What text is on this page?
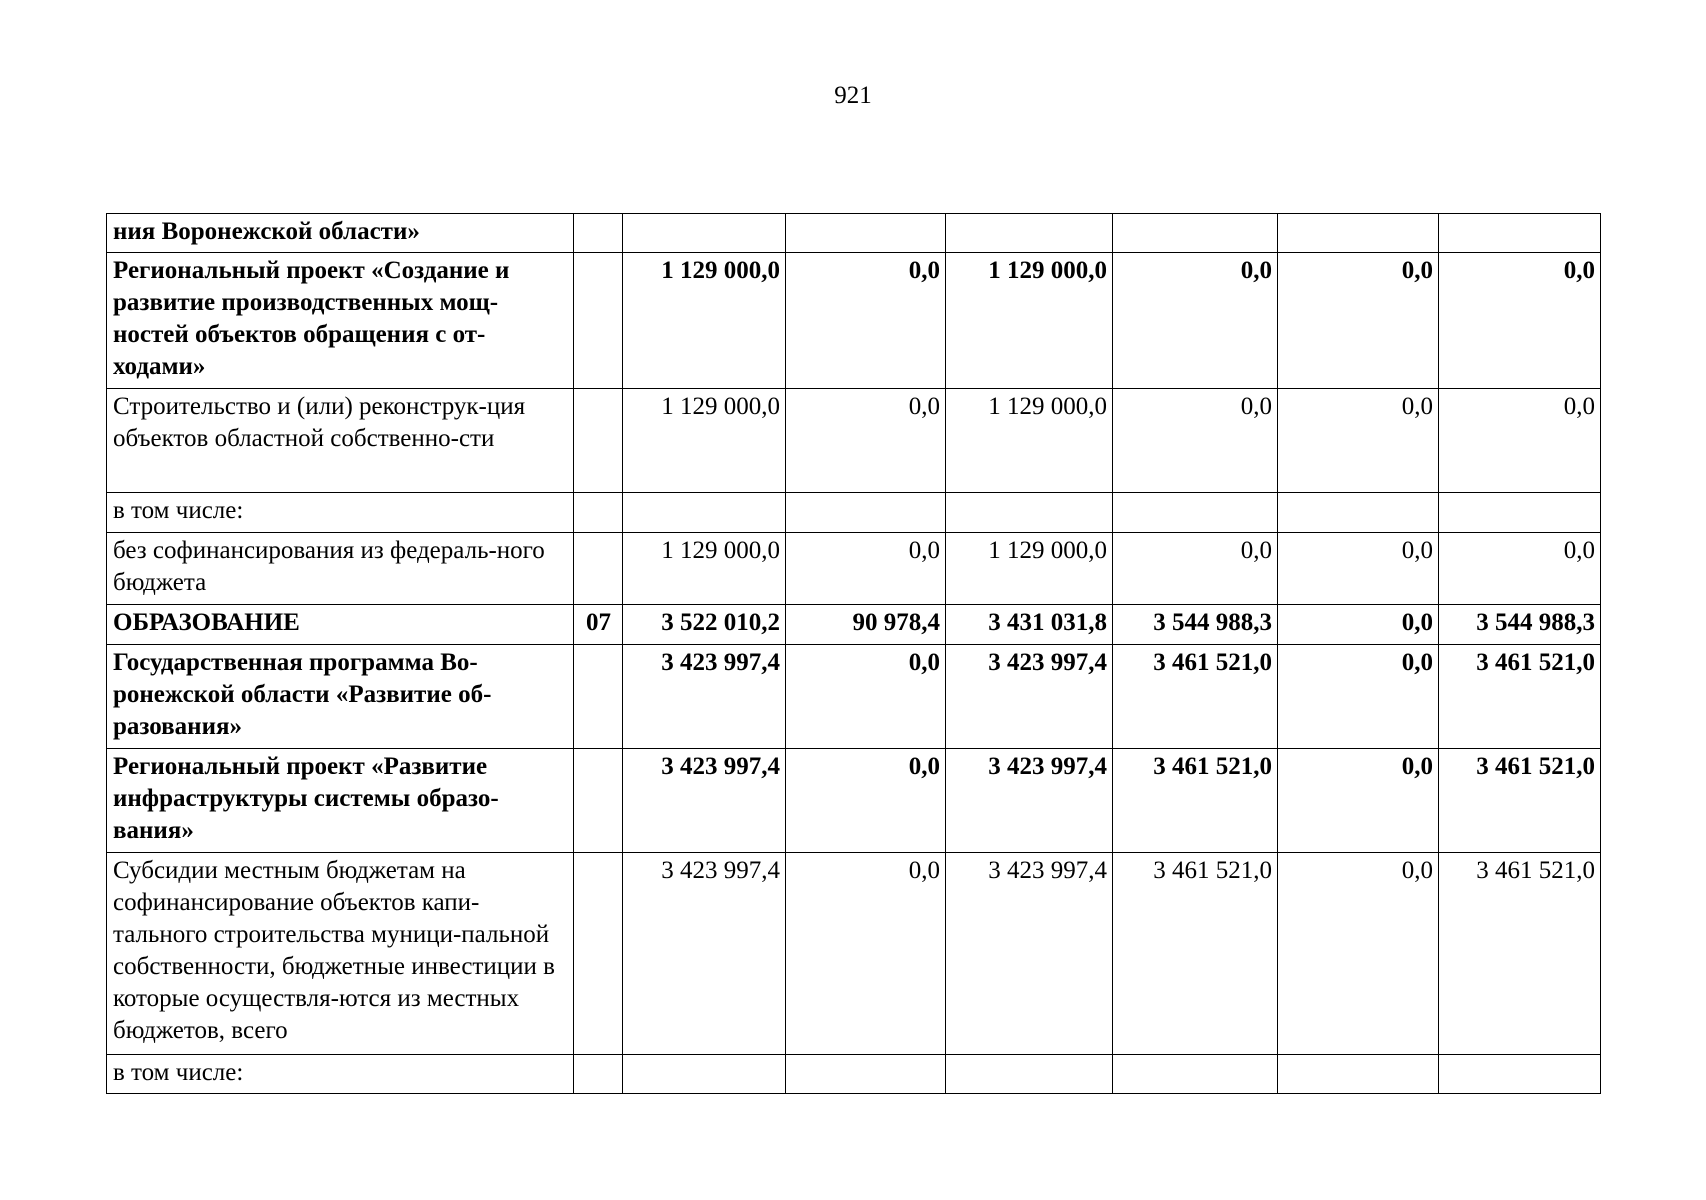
921
ния Воронежской области»							
Региональный проект «Создание и развитие производственных мощ-ностей объектов обращения с от-ходами»		1 129 000,0	0,0	1 129 000,0	0,0	0,0	0,0
Строительство и (или) реконструк-ция объектов областной собственно-сти		1 129 000,0	0,0	1 129 000,0	0,0	0,0	0,0
в том числе:							
без софинансирования из федераль-ного бюджета		1 129 000,0	0,0	1 129 000,0	0,0	0,0	0,0
ОБРАЗОВАНИЕ	07	3 522 010,2	90 978,4	3 431 031,8	3 544 988,3	0,0	3 544 988,3
Государственная программа Во-ронежской области «Развитие об-разования»		3 423 997,4	0,0	3 423 997,4	3 461 521,0	0,0	3 461 521,0
Региональный проект «Развитие инфраструктуры системы образо-вания»		3 423 997,4	0,0	3 423 997,4	3 461 521,0	0,0	3 461 521,0
Субсидии местным бюджетам на софинансирование объектов капи-тального строительства муници-пальной собственности, бюджетные инвестиции в которые осуществля-ются из местных бюджетов, всего		3 423 997,4	0,0	3 423 997,4	3 461 521,0	0,0	3 461 521,0
в том числе:							
